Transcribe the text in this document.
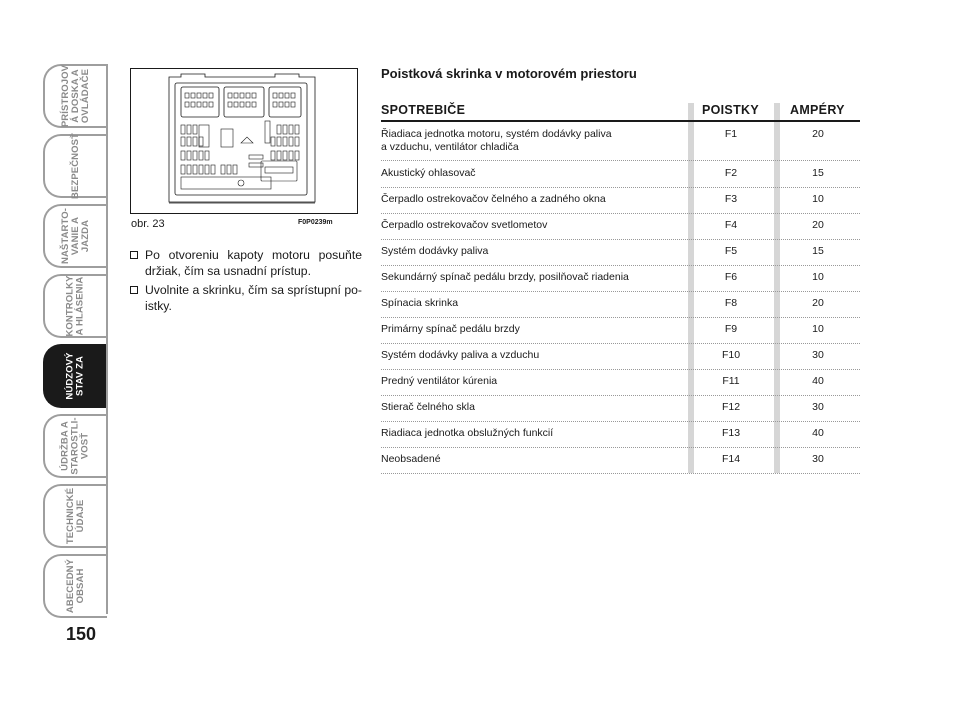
PRÍSTROJOV
Á DOSKA A
OVLÁDAČE
BEZPEČNOSŤ
NAŠTARTO-
VANIE A
JAZDA
KONTROLKY
A HLÁSENIA
NÚDZOVÝ
STAV ZA
ÚDRŽBA A
STAROSTLI-
VOSŤ
TECHNICKÉ
ÚDAJE
ABECEDNÝ
OBSAH
150
obr. 23	F0P0239m
Po otvoreniu kapoty motoru posuňte držiak, čím sa usnadní prístup.
Uvolnite a skrinku, čím sa sprístupní po-istky.
Poistková skrinka v motorovém priestoru
SPOTREBIČE	POISTKY AMPÉRY
Řiadiaca jednotka motoru, systém dodávky paliva
a vzduchu, ventilátor chladiča
F1	20
Akustický ohlasovač	F2	15
Čerpadlo ostrekovačov čelného a zadného okna	F3	10
Čerpadlo ostrekovačov svetlometov	F4	20
Systém dodávky paliva	F5	15
Sekundárný spínač pedálu brzdy, posilňovač riadenia	F6	10
Spínacia skrinka	F8	20
Primárny spínač pedálu brzdy	F9	10
Systém dodávky paliva a vzduchu	F10	30
Predný ventilátor kúrenia	F11	40
Stierač čelného skla	F12	30
Riadiaca jednotka obslužných funkcií	F13	40
Neobsadené	F14	30
